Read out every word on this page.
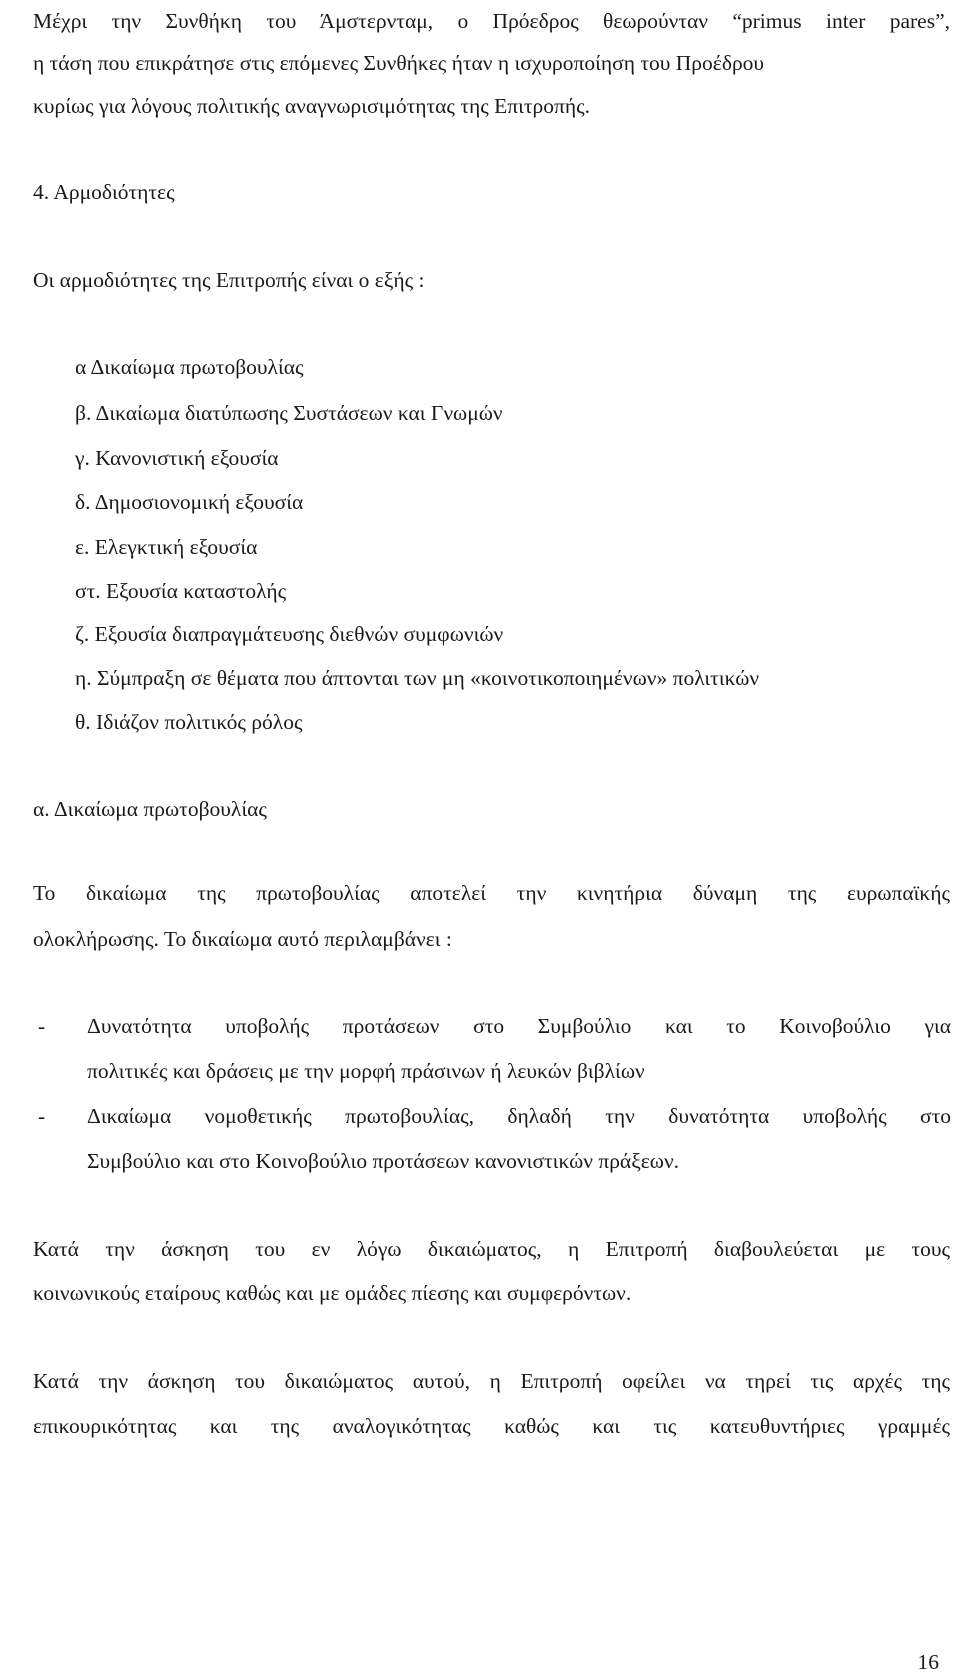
Μέχρι την Συνθήκη του Άμστερνταμ, ο Πρόεδρος θεωρούνταν “primus inter pares”,
η τάση που επικράτησε στις επόμενες Συνθήκες ήταν η ισχυροποίηση του Προέδρου
κυρίως για λόγους πολιτικής αναγνωρισιμότητας της Επιτροπής.
4. Αρμοδιότητες
Οι αρμοδιότητες της Επιτροπής είναι ο εξής :
α Δικαίωμα πρωτοβουλίας
β. Δικαίωμα διατύπωσης Συστάσεων και Γνωμών
γ. Κανονιστική εξουσία
δ. Δημοσιονομική εξουσία
ε. Ελεγκτική εξουσία
στ. Εξουσία καταστολής
ζ. Εξουσία διαπραγμάτευσης διεθνών συμφωνιών
η. Σύμπραξη σε θέματα που άπτονται των μη «κοινοτικοποιημένων» πολιτικών
θ. Ιδιάζον πολιτικός ρόλος
α. Δικαίωμα πρωτοβουλίας
Το δικαίωμα της πρωτοβουλίας αποτελεί την κινητήρια δύναμη της ευρωπαϊκής
ολοκλήρωσης. Το δικαίωμα αυτό περιλαμβάνει :
- Δυνατότητα υποβολής προτάσεων στο Συμβούλιο και το Κοινοβούλιο για
πολιτικές και δράσεις με την μορφή πράσινων ή λευκών βιβλίων
- Δικαίωμα νομοθετικής πρωτοβουλίας, δηλαδή την δυνατότητα υποβολής στο
Συμβούλιο και στο Κοινοβούλιο προτάσεων κανονιστικών πράξεων.
Κατά την άσκηση του εν λόγω δικαιώματος, η Επιτροπή διαβουλεύεται με τους
κοινωνικούς εταίρους καθώς και με ομάδες πίεσης και συμφερόντων.
Κατά την άσκηση του δικαιώματος αυτού, η Επιτροπή οφείλει να τηρεί τις αρχές της
επικουρικότητας και της αναλογικότητας καθώς και τις κατευθυντήριες γραμμές
16
